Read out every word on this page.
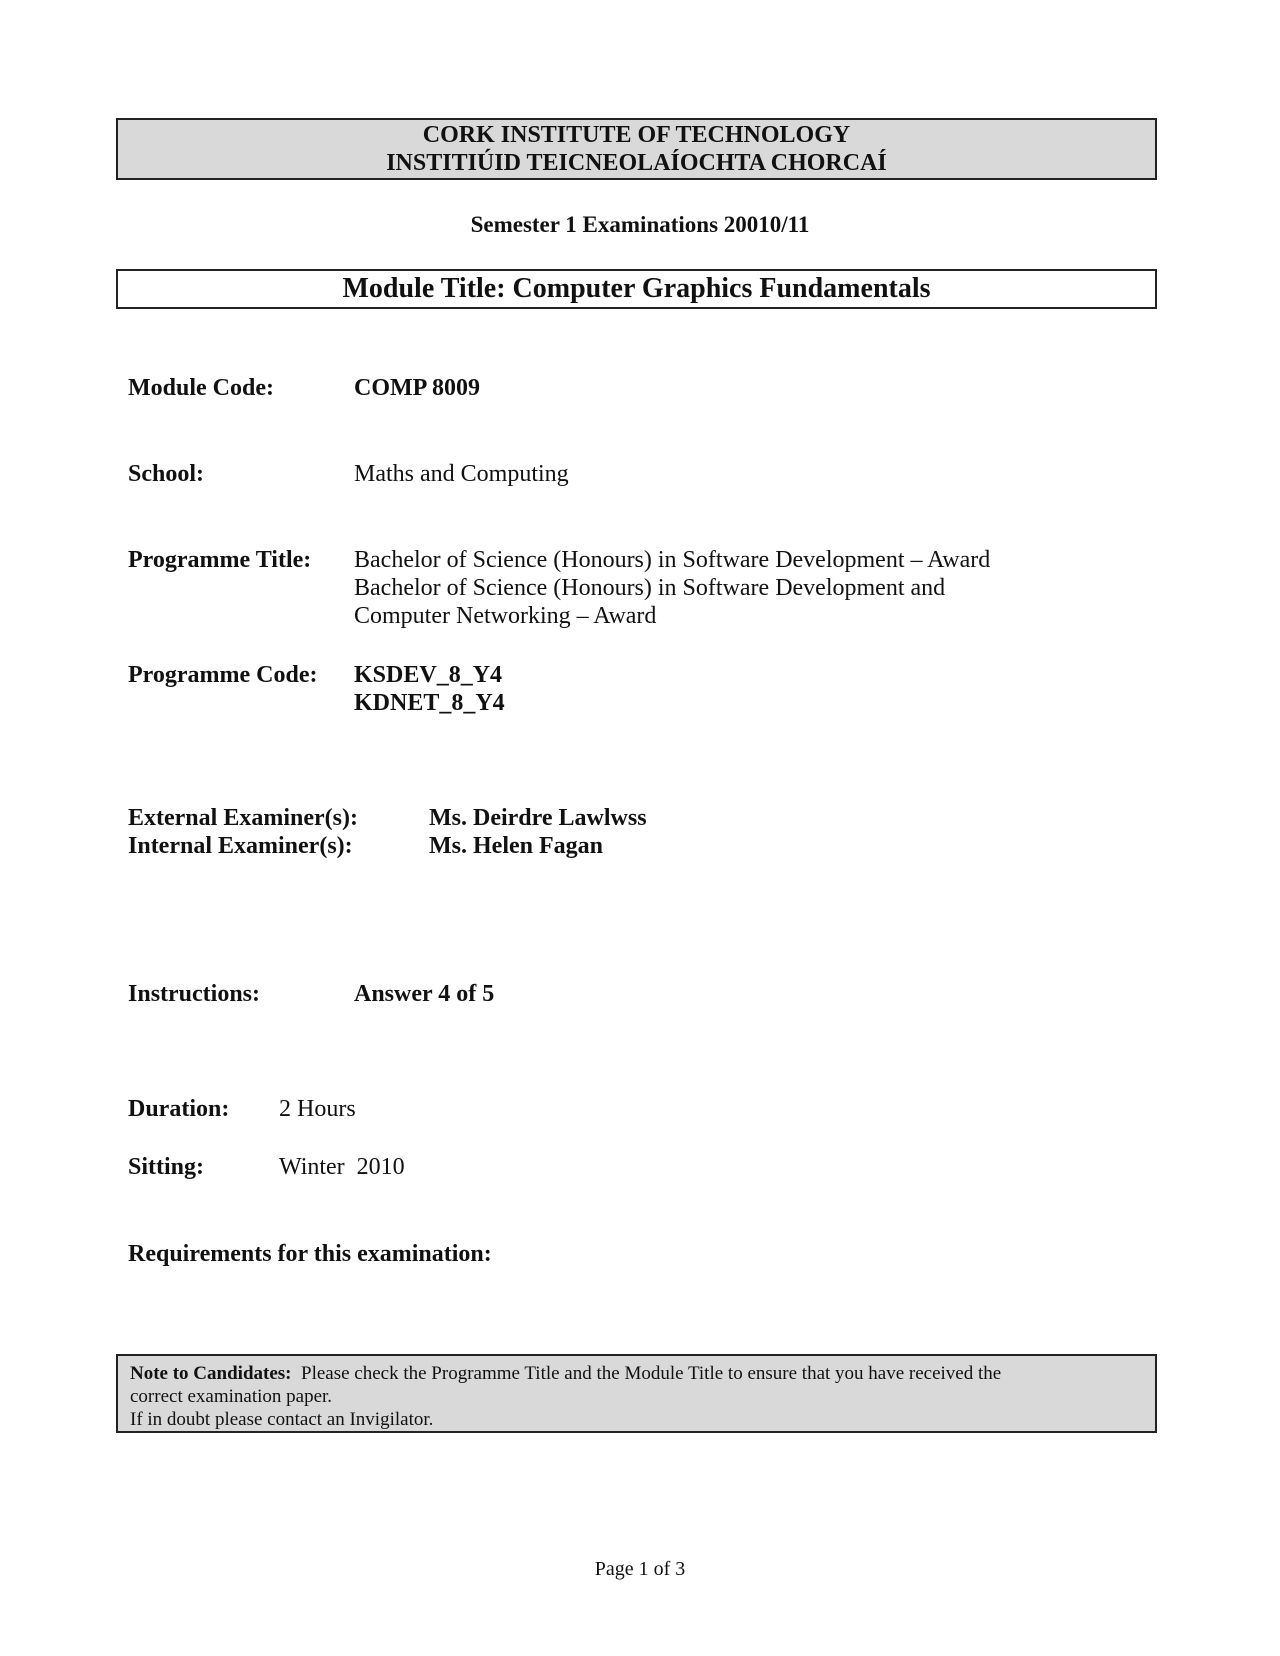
CORK INSTITUTE OF TECHNOLOGY
INSTITIÚID TEICNEOLAÍOCHTA CHORCAÍ
Semester 1 Examinations 20010/11
Module Title: Computer Graphics Fundamentals
Module Code:	COMP 8009
School:	Maths and Computing
Programme Title: Bachelor of Science (Honours) in Software Development – Award
Bachelor of Science (Honours) in Software Development and
Computer Networking – Award
Programme Code: KSDEV_8_Y4
KDNET_8_Y4
External Examiner(s):	Ms. Deirdre Lawlwss
Internal Examiner(s):	Ms. Helen Fagan
Instructions:	Answer 4 of 5
Duration: 2 Hours
Sitting:	Winter  2010
Requirements for this examination:
Note to Candidates: Please check the Programme Title and the Module Title to ensure that you have received the
correct examination paper.
If in doubt please contact an Invigilator.
Page 1 of 3
